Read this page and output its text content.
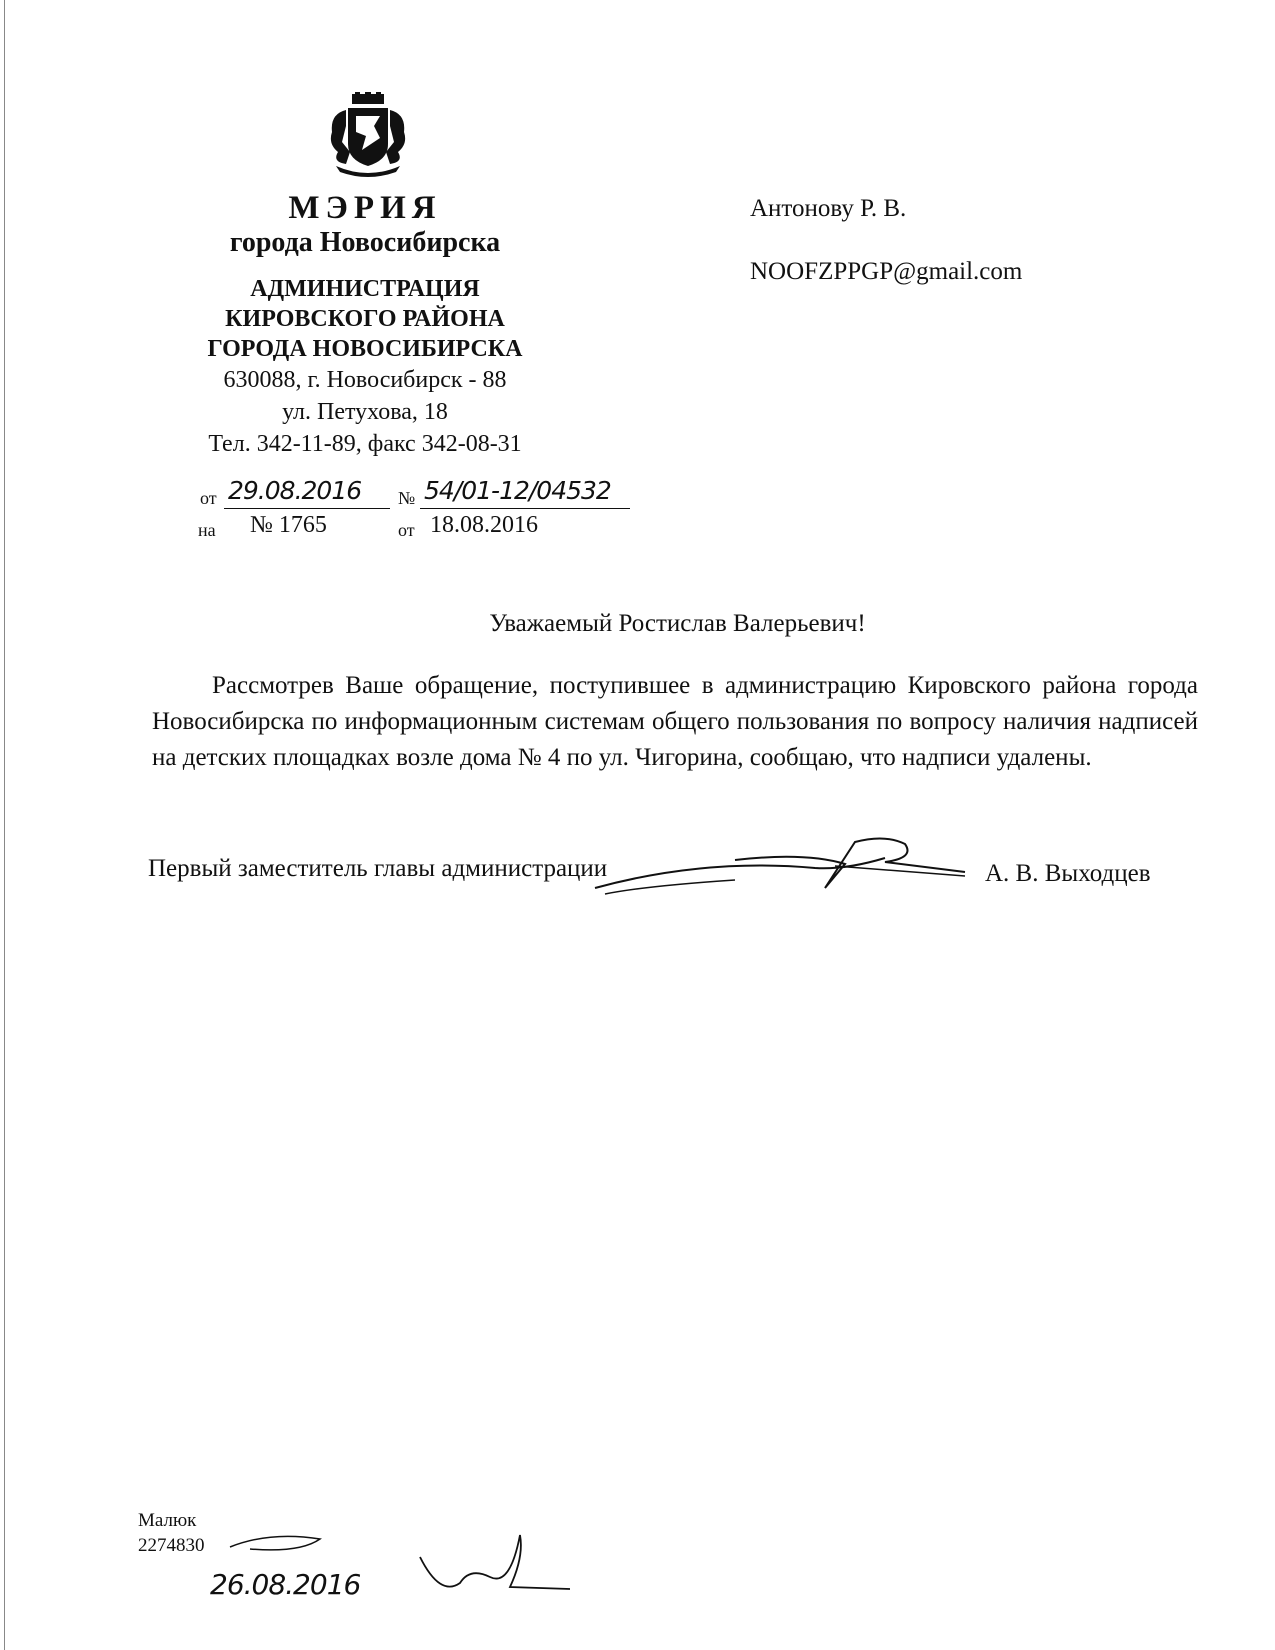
МЭРИЯ
города Новосибирска
АДМИНИСТРАЦИЯ
КИРОВСКОГО РАЙОНА
ГОРОДА НОВОСИБИРСКА
630088, г. Новосибирск - 88
ул. Петухова, 18
Тел. 342-11-89, факс 342-08-31
от 29.08.2016 № 54/01-12/04532
на № 1765	от 18.08.2016
Антонову Р. В.
NOOFZPPGP@gmail.com
Уважаемый Ростислав Валерьевич!
Рассмотрев Ваше обращение, поступившее в администрацию Кировского района города Новосибирска по информационным системам общего пользования по вопросу наличия надписей на детских площадках возле дома № 4 по ул. Чигорина, сообщаю, что надписи удалены.
Первый заместитель главы администрации	А. В. Выходцев
Малюк
2274830
26.08.2016
